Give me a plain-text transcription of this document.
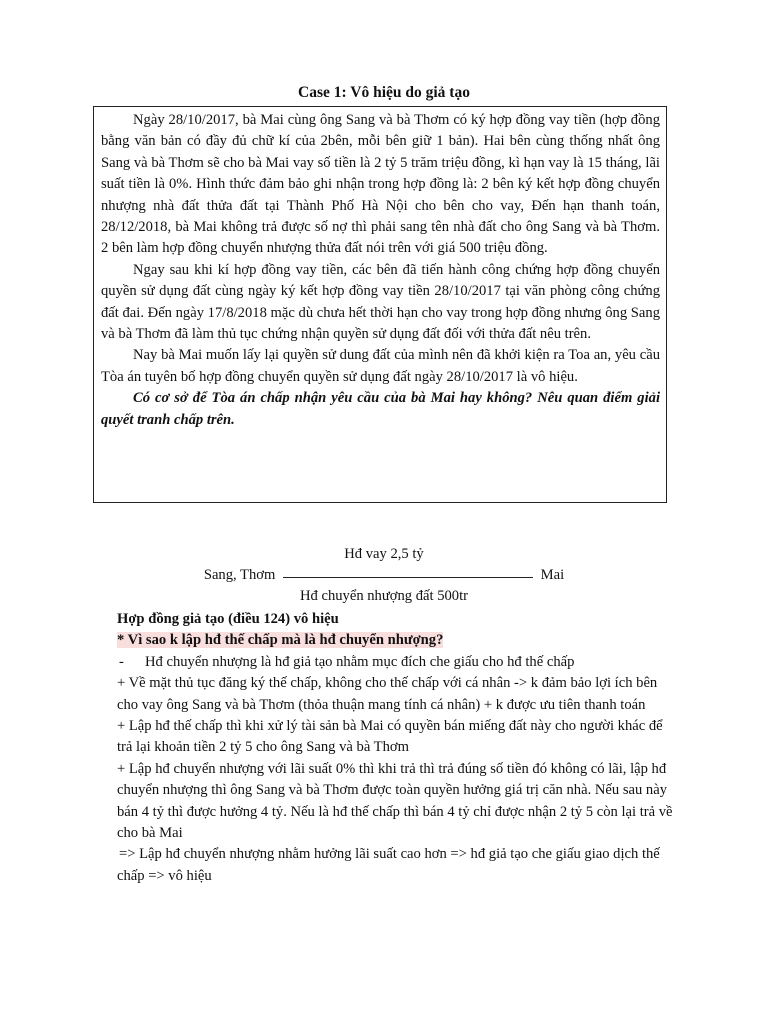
Case 1: Vô hiệu do giả tạo

Ngày 28/10/2017, bà Mai cùng ông Sang và bà Thơm có ký hợp đồng vay tiền (hợp đồng bằng văn bản có đầy đủ chữ kí của 2bên, mỗi bên giữ 1 bản). Hai bên cùng thống nhất ông Sang và bà Thơm sẽ cho bà Mai vay số tiền là 2 tỷ 5 trăm triệu đồng, kì hạn vay là 15 tháng, lãi suất tiền là 0%. Hình thức đảm bảo ghi nhận trong hợp đồng là: 2 bên ký kết hợp đồng chuyển nhượng nhà đất thửa đất tại Thành Phố Hà Nội cho bên cho vay, Đến hạn thanh toán, 28/12/2018, bà Mai không trả được số nợ thì phải sang tên nhà đất cho ông Sang và bà Thơm. 2 bên làm hợp đồng chuyển nhượng thửa đất nói trên với giá 500 triệu đồng.

Ngay sau khi kí hợp đồng vay tiền, các bên đã tiến hành công chứng hợp đồng chuyển quyền sử dụng đất cùng ngày ký kết hợp đồng vay tiền 28/10/2017 tại văn phòng công chứng đất đai. Đến ngày 17/8/2018 mặc dù chưa hết thời hạn cho vay trong hợp đồng nhưng ông Sang và bà Thơm đã làm thủ tục chứng nhận quyền sử dụng đất đối với thửa đất nêu trên.

Nay bà Mai muốn lấy lại quyền sử dung đất của mình nên đã khởi kiện ra Toa an, yêu cầu Tòa án tuyên bố hợp đồng chuyển quyền sử dụng đất ngày 28/10/2017 là vô hiệu.

Có cơ sở để Tòa án chấp nhận yêu cầu của bà Mai hay không? Nêu quan điểm giải quyết tranh chấp trên.

Hđ vay 2,5 tỷ
Sang, Thơm	Mai
Hđ chuyển nhượng đất 500tr

Hợp đồng giả tạo (điều 124) vô hiệu

* Vì sao k lập hđ thế chấp mà là hđ chuyển nhượng?

- Hđ chuyển nhượng là hđ giả tạo nhằm mục đích che giấu cho hđ thế chấp

+ Về mặt thủ tục đăng ký thế chấp, không cho thế chấp với cá nhân -> k đảm bảo lợi ích bên cho vay ông Sang và bà Thơm (thỏa thuận mang tính cá nhân) + k được ưu tiên thanh toán

+ Lập hđ thế chấp thì khi xử lý tài sản bà Mai có quyền bán miếng đất này cho người khác để trả lại khoản tiền 2 tỷ 5 cho ông Sang và bà Thơm

+ Lập hđ chuyển nhượng với lãi suất 0% thì khi trả thì trả đúng số tiền đó không có lãi, lập hđ chuyển nhượng thì ông Sang và bà Thơm được toàn quyền hưởng giá trị căn nhà. Nếu sau này bán 4 tỷ thì được hưởng 4 tỷ. Nếu là hđ thế chấp thì bán 4 tỷ chỉ được nhận 2 tỷ 5 còn lại trả về cho bà Mai

=> Lập hđ chuyển nhượng nhằm hưởng lãi suất cao hơn => hđ giả tạo che giấu giao dịch thế chấp => vô hiệu
